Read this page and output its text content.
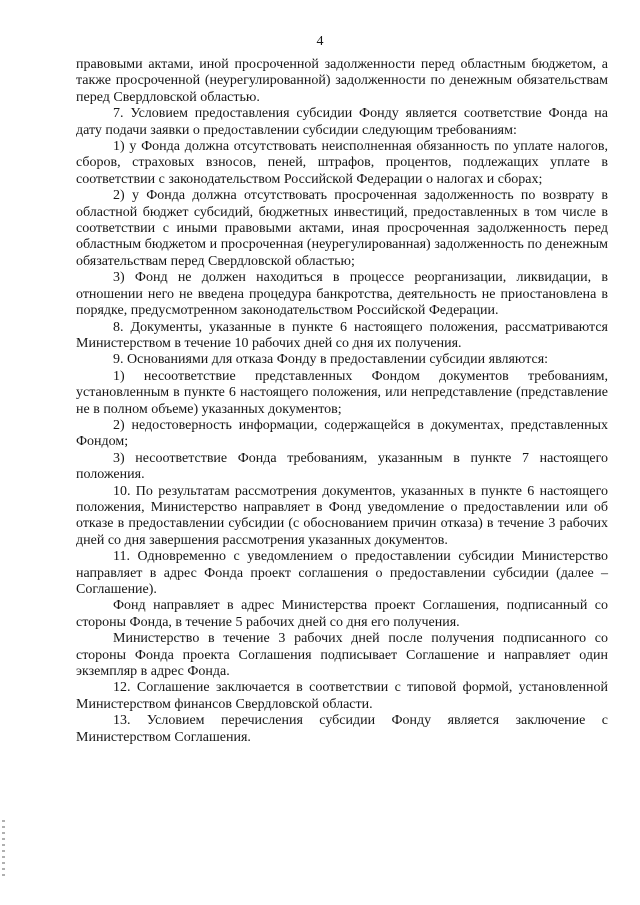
4

правовыми актами, иной просроченной задолженности перед областным бюджетом, а также просроченной (неурегулированной) задолженности по денежным обязательствам перед Свердловской областью.

7. Условием предоставления субсидии Фонду является соответствие Фонда на дату подачи заявки о предоставлении субсидии следующим требованиям:

1) у Фонда должна отсутствовать неисполненная обязанность по уплате налогов, сборов, страховых взносов, пеней, штрафов, процентов, подлежащих уплате в соответствии с законодательством Российской Федерации о налогах и сборах;

2) у Фонда должна отсутствовать просроченная задолженность по возврату в областной бюджет субсидий, бюджетных инвестиций, предоставленных в том числе в соответствии с иными правовыми актами, иная просроченная задолженность перед областным бюджетом и просроченная (неурегулированная) задолженность по денежным обязательствам перед Свердловской областью;

3) Фонд не должен находиться в процессе реорганизации, ликвидации, в отношении него не введена процедура банкротства, деятельность не приостановлена в порядке, предусмотренном законодательством Российской Федерации.

8. Документы, указанные в пункте 6 настоящего положения, рассматриваются Министерством в течение 10 рабочих дней со дня их получения.

9. Основаниями для отказа Фонду в предоставлении субсидии являются:

1) несоответствие представленных Фондом документов требованиям, установленным в пункте 6 настоящего положения, или непредставление (представление не в полном объеме) указанных документов;

2) недостоверность информации, содержащейся в документах, представленных Фондом;

3) несоответствие Фонда требованиям, указанным в пункте 7 настоящего положения.

10. По результатам рассмотрения документов, указанных в пункте 6 настоящего положения, Министерство направляет в Фонд уведомление о предоставлении или об отказе в предоставлении субсидии (с обоснованием причин отказа) в течение 3 рабочих дней со дня завершения рассмотрения указанных документов.

11. Одновременно с уведомлением о предоставлении субсидии Министерство направляет в адрес Фонда проект соглашения о предоставлении субсидии (далее – Соглашение).

Фонд направляет в адрес Министерства проект Соглашения, подписанный со стороны Фонда, в течение 5 рабочих дней со дня его получения.

Министерство в течение 3 рабочих дней после получения подписанного со стороны Фонда проекта Соглашения подписывает Соглашение и направляет один экземпляр в адрес Фонда.

12. Соглашение заключается в соответствии с типовой формой, установленной Министерством финансов Свердловской области.

13. Условием перечисления субсидии Фонду является заключение с Министерством Соглашения.
